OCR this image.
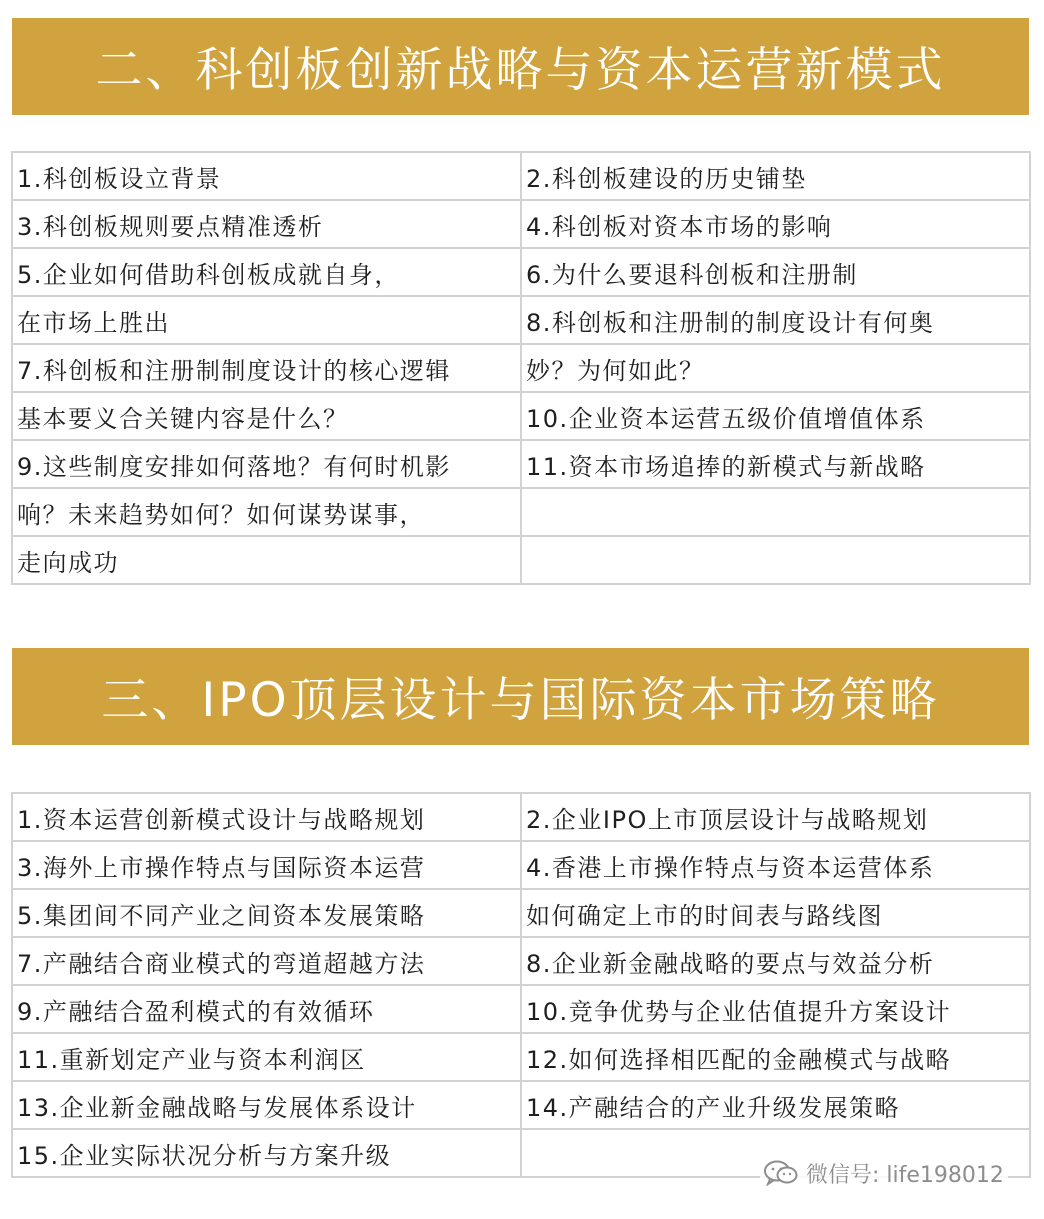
二、科创板创新战略与资本运营新模式
1.科创板设立背景	2.科创板建设的历史铺垫
3.科创板规则要点精准透析	4.科创板对资本市场的影响
5.企业如何借助科创板成就自身，	6.为什么要退科创板和注册制
在市场上胜出	8.科创板和注册制的制度设计有何奥
7.科创板和注册制制度设计的核心逻辑	妙？为何如此？
基本要义合关键内容是什么？	10.企业资本运营五级价值增值体系
9.这些制度安排如何落地？有何时机影	11.资本市场追捧的新模式与新战略
响？未来趋势如何？如何谋势谋事，	
走向成功	
三、IPO顶层设计与国际资本市场策略
1.资本运营创新模式设计与战略规划	2.企业IPO上市顶层设计与战略规划
3.海外上市操作特点与国际资本运营	4.香港上市操作特点与资本运营体系
5.集团间不同产业之间资本发展策略	如何确定上市的时间表与路线图
7.产融结合商业模式的弯道超越方法	8.企业新金融战略的要点与效益分析
9.产融结合盈利模式的有效循环	10.竞争优势与企业估值提升方案设计
11.重新划定产业与资本利润区	12.如何选择相匹配的金融模式与战略
13.企业新金融战略与发展体系设计	14.产融结合的产业升级发展策略
15.企业实际状况分析与方案升级	
微信号: life198012
